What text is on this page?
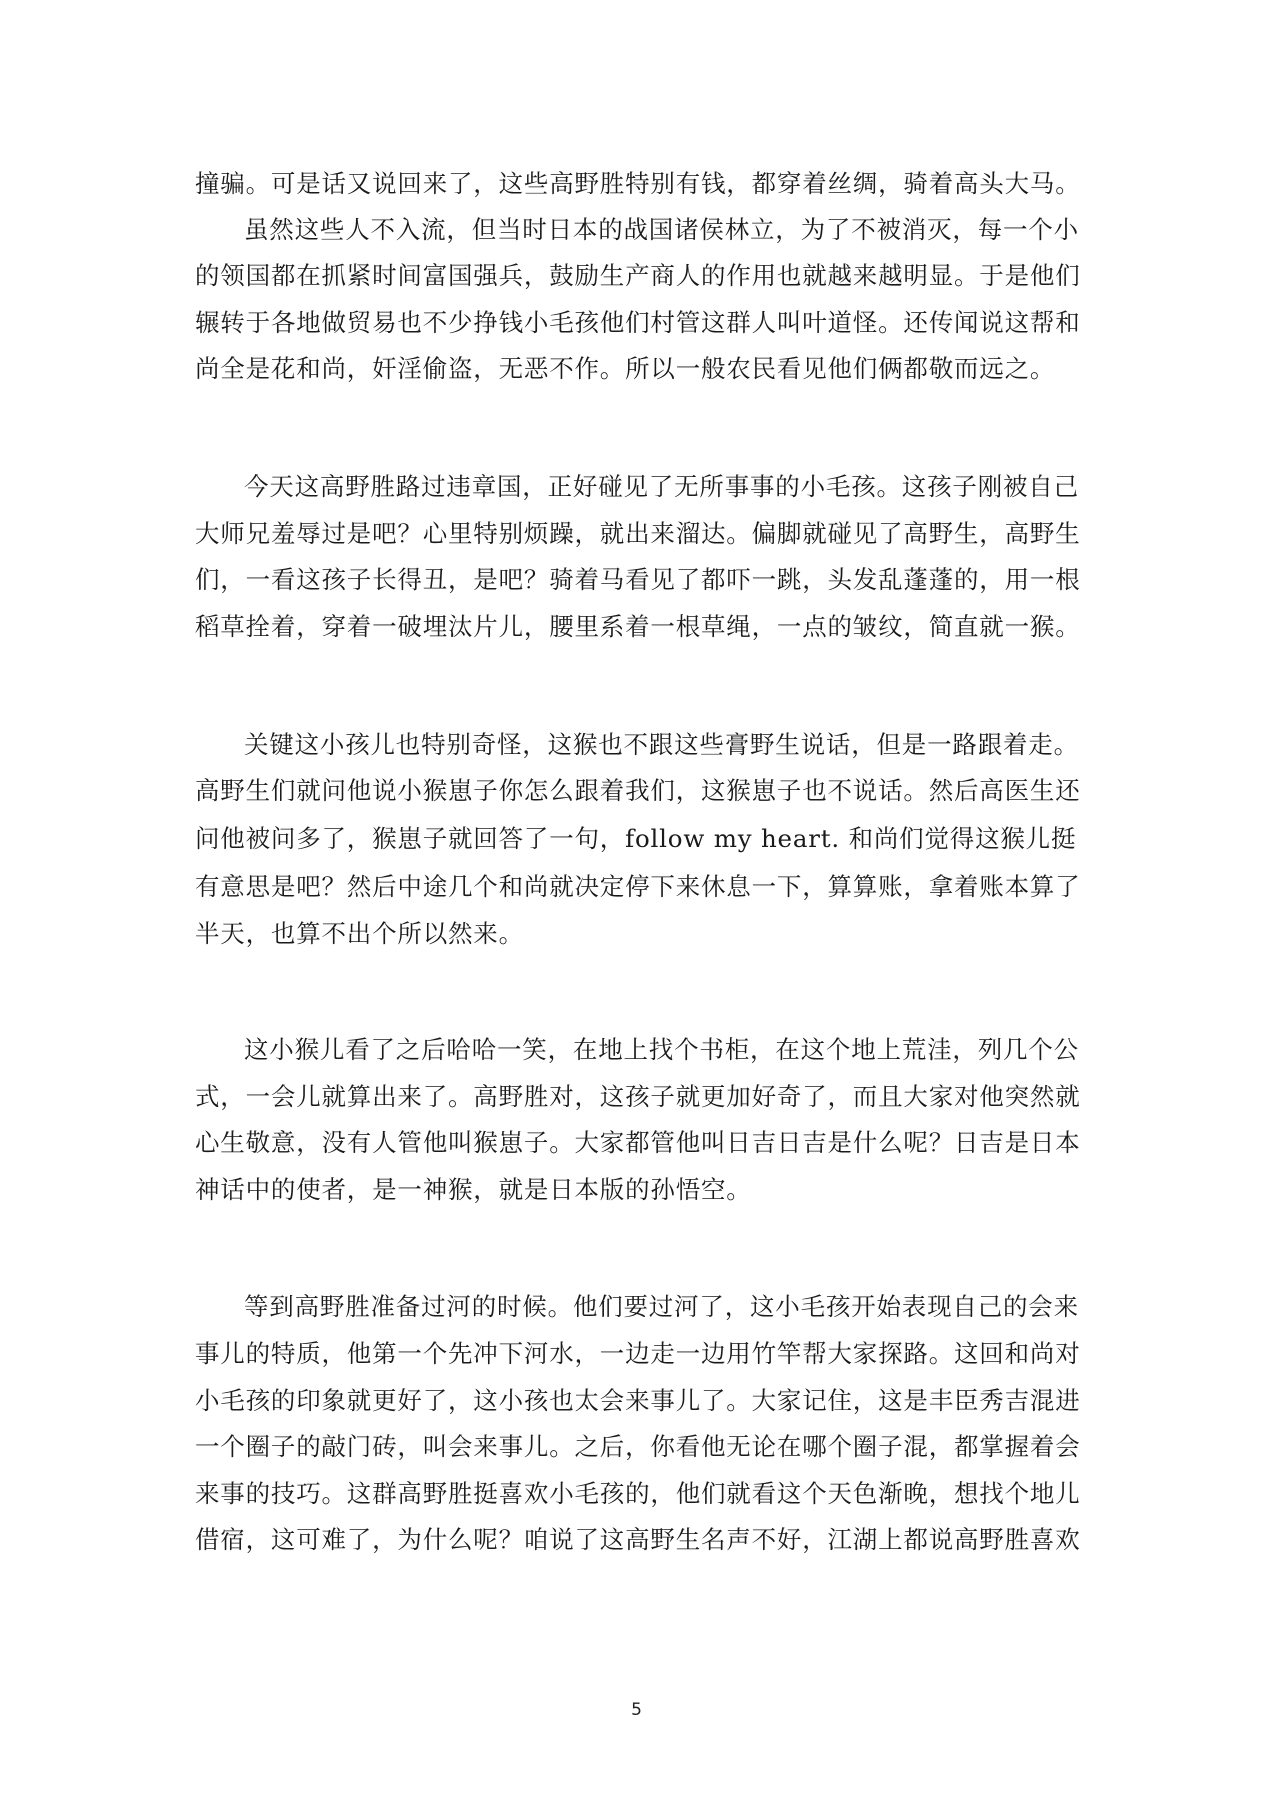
撞骗。可是话又说回来了，这些高野胜特别有钱，都穿着丝绸，骑着高头大马。
虽然这些人不入流，但当时日本的战国诸侯林立，为了不被消灭，每一个小
的领国都在抓紧时间富国强兵，鼓励生产商人的作用也就越来越明显。于是他们
辗转于各地做贸易也不少挣钱小毛孩他们村管这群人叫叶道怪。还传闻说这帮和
尚全是花和尚，奸淫偷盗，无恶不作。所以一般农民看见他们俩都敬而远之。
今天这高野胜路过违章国，正好碰见了无所事事的小毛孩。这孩子刚被自己
大师兄羞辱过是吧？心里特别烦躁，就出来溜达。偏脚就碰见了高野生，高野生
们，一看这孩子长得丑，是吧？骑着马看见了都吓一跳，头发乱蓬蓬的，用一根
稻草拴着，穿着一破埋汰片儿，腰里系着一根草绳，一点的皱纹，简直就一猴。
关键这小孩儿也特别奇怪，这猴也不跟这些膏野生说话，但是一路跟着走。
高野生们就问他说小猴崽子你怎么跟着我们，这猴崽子也不说话。然后高医生还
问他被问多了，猴崽子就回答了一句，follow my heart. 和尚们觉得这猴儿挺
有意思是吧？然后中途几个和尚就决定停下来休息一下，算算账，拿着账本算了
半天，也算不出个所以然来。
这小猴儿看了之后哈哈一笑，在地上找个书柜，在这个地上荒洼，列几个公
式，一会儿就算出来了。高野胜对，这孩子就更加好奇了，而且大家对他突然就
心生敬意，没有人管他叫猴崽子。大家都管他叫日吉日吉是什么呢？日吉是日本
神话中的使者，是一神猴，就是日本版的孙悟空。
等到高野胜准备过河的时候。他们要过河了，这小毛孩开始表现自己的会来
事儿的特质，他第一个先冲下河水，一边走一边用竹竿帮大家探路。这回和尚对
小毛孩的印象就更好了，这小孩也太会来事儿了。大家记住，这是丰臣秀吉混进
一个圈子的敲门砖，叫会来事儿。之后，你看他无论在哪个圈子混，都掌握着会
来事的技巧。这群高野胜挺喜欢小毛孩的，他们就看这个天色渐晚，想找个地儿
借宿，这可难了，为什么呢？咱说了这高野生名声不好，江湖上都说高野胜喜欢
5
